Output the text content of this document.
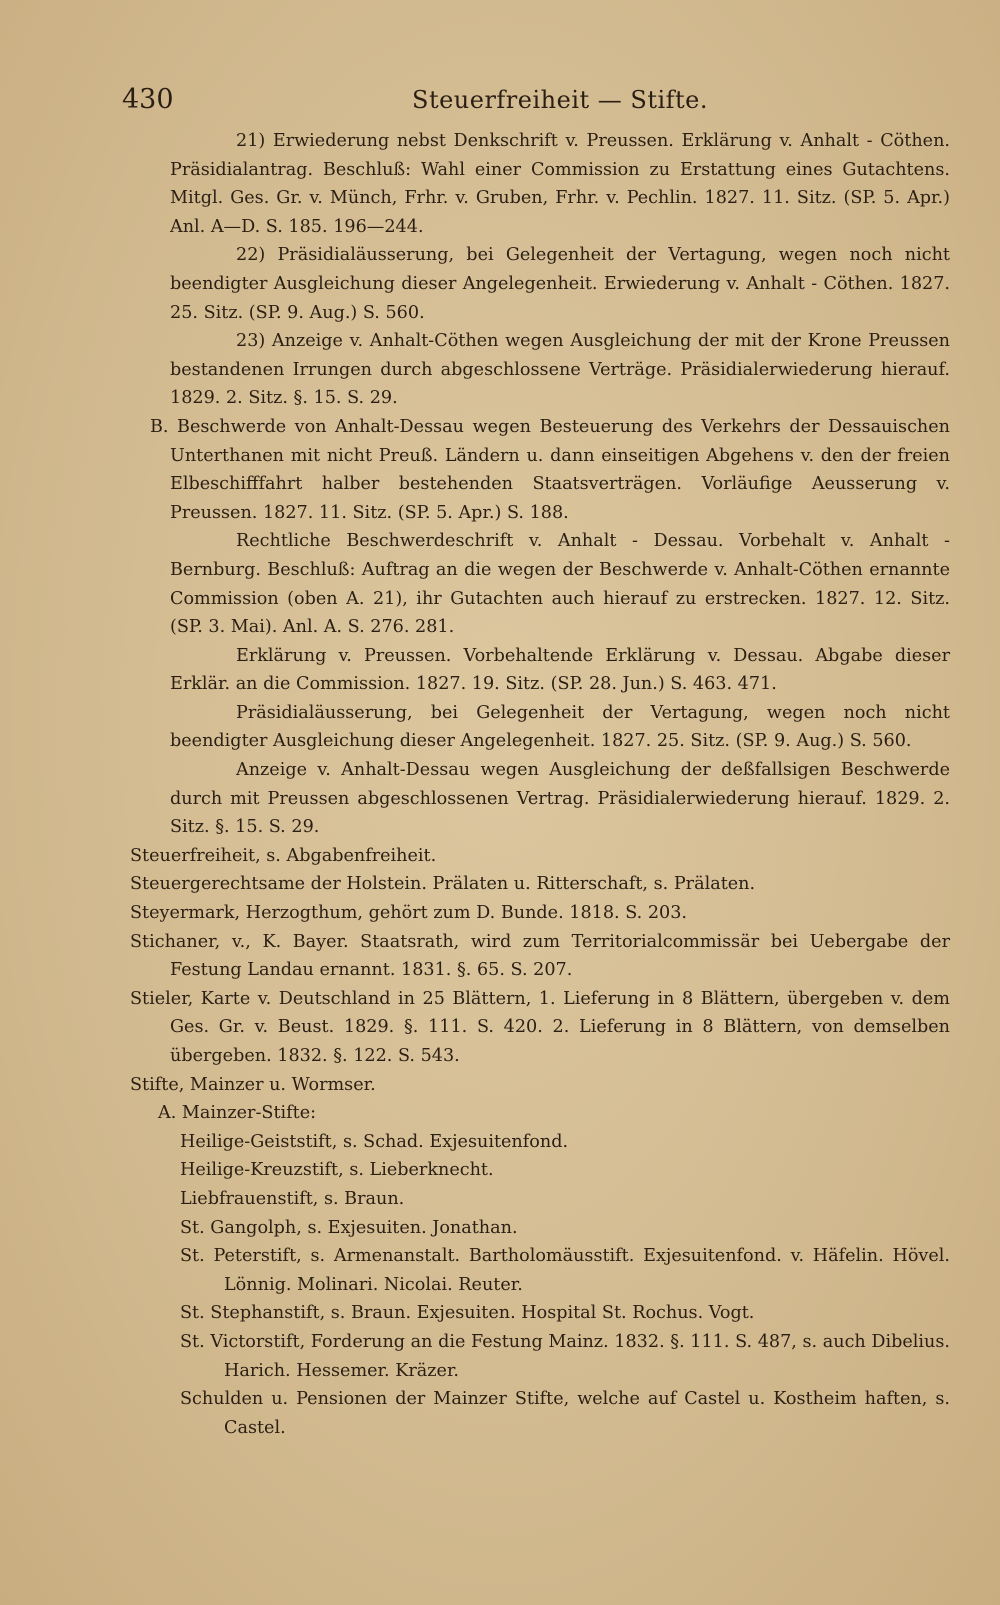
430	Steuerfreiheit — Stifte.

21) Erwiederung nebst Denkschrift v. Preussen. Erklärung v. Anhalt - Cöthen. Präsidialantrag. Beschluß: Wahl einer Commission zu Erstattung eines Gutachtens. Mitgl. Ges. Gr. v. Münch, Frhr. v. Gruben, Frhr. v. Pechlin. 1827. 11. Sitz. (SP. 5. Apr.) Anl. A—D. S. 185. 196—244.

22) Präsidialäusserung, bei Gelegenheit der Vertagung, wegen noch nicht beendigter Ausgleichung dieser Angelegenheit. Erwiederung v. Anhalt - Cöthen. 1827. 25. Sitz. (SP. 9. Aug.) S. 560.

23) Anzeige v. Anhalt-Cöthen wegen Ausgleichung der mit der Krone Preussen bestandenen Irrungen durch abgeschlossene Verträge. Präsidialerwiederung hierauf. 1829. 2. Sitz. §. 15. S. 29.

B. Beschwerde von Anhalt-Dessau wegen Besteuerung des Verkehrs der Dessauischen Unterthanen mit nicht Preuß. Ländern u. dann einseitigen Abgehens v. den der freien Elbeschifffahrt halber bestehenden Staatsverträgen. Vorläufige Aeusserung v. Preussen. 1827. 11. Sitz. (SP. 5. Apr.) S. 188.

Rechtliche Beschwerdeschrift v. Anhalt - Dessau. Vorbehalt v. Anhalt - Bernburg. Beschluß: Auftrag an die wegen der Beschwerde v. Anhalt-Cöthen ernannte Commission (oben A. 21), ihr Gutachten auch hierauf zu erstrecken. 1827. 12. Sitz. (SP. 3. Mai). Anl. A. S. 276. 281.

Erklärung v. Preussen. Vorbehaltende Erklärung v. Dessau. Abgabe dieser Erklär. an die Commission. 1827. 19. Sitz. (SP. 28. Jun.) S. 463. 471.

Präsidialäusserung, bei Gelegenheit der Vertagung, wegen noch nicht beendigter Ausgleichung dieser Angelegenheit. 1827. 25. Sitz. (SP. 9. Aug.) S. 560.

Anzeige v. Anhalt-Dessau wegen Ausgleichung der deßfallsigen Beschwerde durch mit Preussen abgeschlossenen Vertrag. Präsidialerwiederung hierauf. 1829. 2. Sitz. §. 15. S. 29.

Steuerfreiheit, s. Abgabenfreiheit.

Steuergerechtsame der Holstein. Prälaten u. Ritterschaft, s. Prälaten.

Steyermark, Herzogthum, gehört zum D. Bunde. 1818. S. 203.

Stichaner, v., K. Bayer. Staatsrath, wird zum Territorialcommissär bei Uebergabe der Festung Landau ernannt. 1831. §. 65. S. 207.

Stieler, Karte v. Deutschland in 25 Blättern, 1. Lieferung in 8 Blättern, übergeben v. dem Ges. Gr. v. Beust. 1829. §. 111. S. 420. 2. Lieferung in 8 Blättern, von demselben übergeben. 1832. §. 122. S. 543.

Stifte, Mainzer u. Wormser.

A. Mainzer-Stifte:

Heilige-Geiststift, s. Schad. Exjesuitenfond.

Heilige-Kreuzstift, s. Lieberknecht.

Liebfrauenstift, s. Braun.

St. Gangolph, s. Exjesuiten. Jonathan.

St. Peterstift, s. Armenanstalt. Bartholomäusstift. Exjesuitenfond. v. Häfelin. Hövel. Lönnig. Molinari. Nicolai. Reuter.

St. Stephanstift, s. Braun. Exjesuiten. Hospital St. Rochus. Vogt.

St. Victorstift, Forderung an die Festung Mainz. 1832. §. 111. S. 487, s. auch Dibelius. Harich. Hessemer. Kräzer.

Schulden u. Pensionen der Mainzer Stifte, welche auf Castel u. Kostheim haften, s. Castel.
